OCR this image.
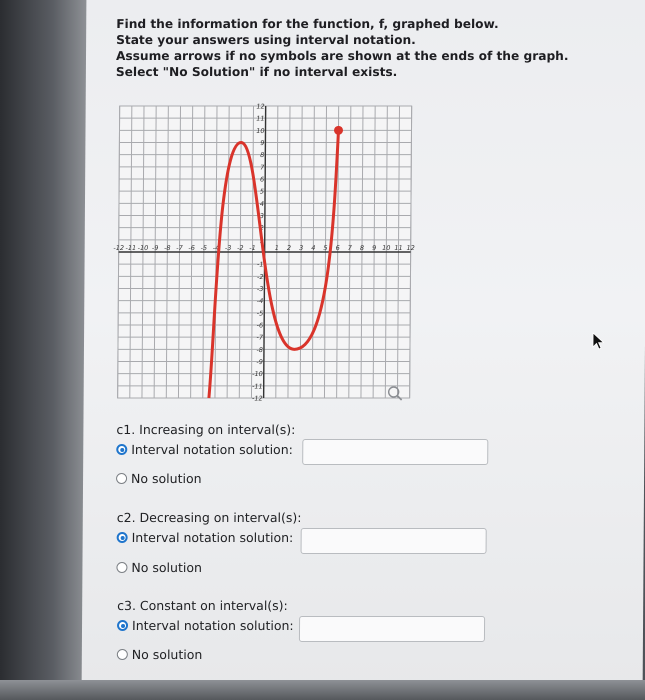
Find the information for the function, f, graphed below.
State your answers using interval notation.
Assume arrows if no symbols are shown at the ends of the graph.
Select "No Solution" if no interval exists.
-12 -11 -10 -9 -8 -7 -6 -5 -4 -3 -2 -1	1 2 3 4 5 6 7 8 9 10 11 12
12
11
10
9
8
7
6
5
4
3
2
1
-1
-2
-3
-4
-5
-6
-7
-8
-9
-10
-11
-12
c1. Increasing on interval(s):
Interval notation solution:
No solution
c2. Decreasing on interval(s):
Interval notation solution:
No solution
c3. Constant on interval(s):
Interval notation solution:
No solution
